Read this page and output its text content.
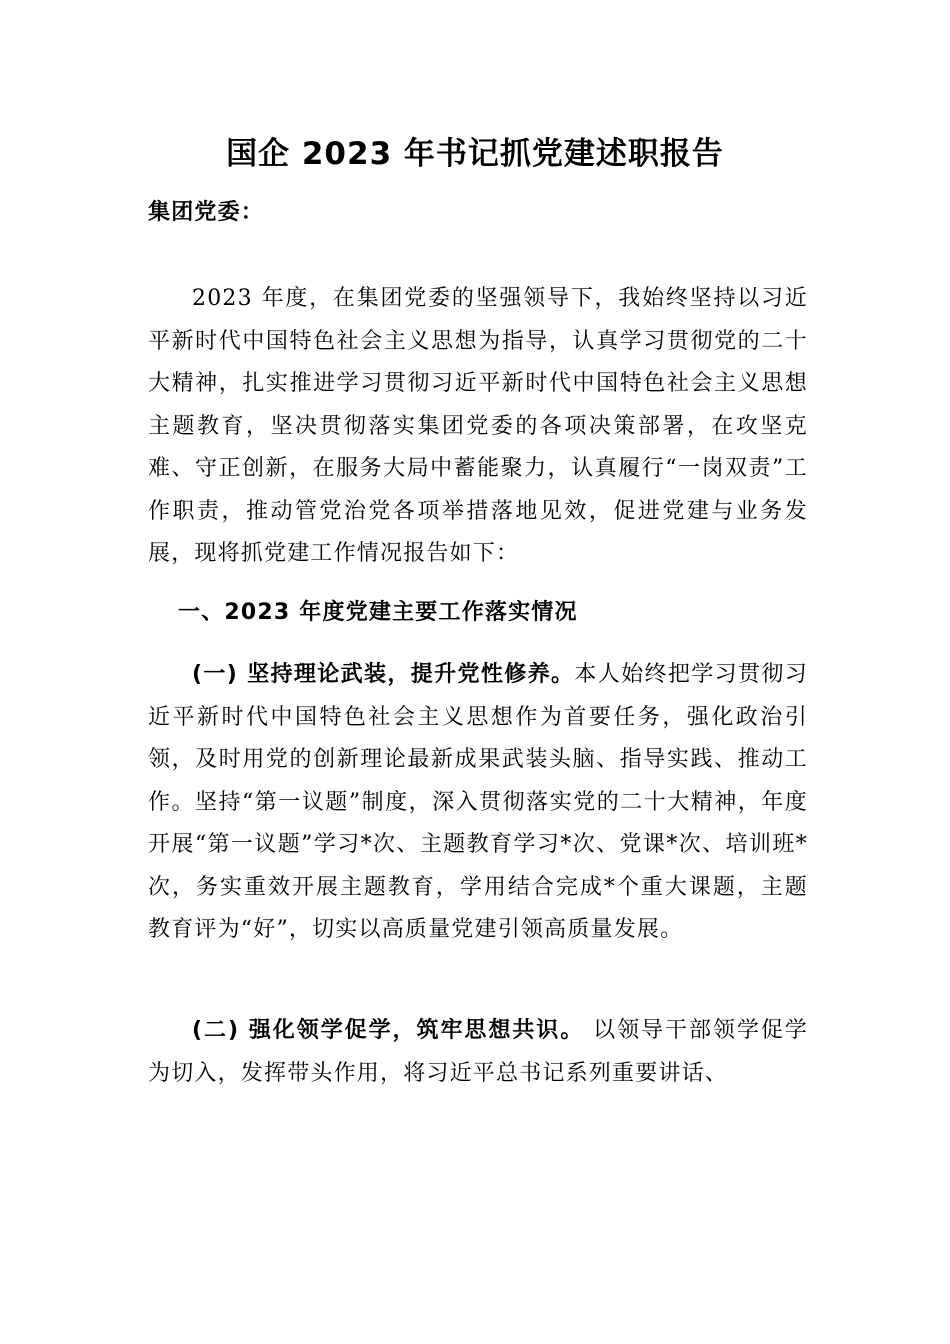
国企 2023 年书记抓党建述职报告

集团党委：

2023 年度，在集团党委的坚强领导下，我始终坚持以习近平新时代中国特色社会主义思想为指导，认真学习贯彻党的二十大精神，扎实推进学习贯彻习近平新时代中国特色社会主义思想主题教育，坚决贯彻落实集团党委的各项决策部署，在攻坚克难、守正创新，在服务大局中蓄能聚力，认真履行“一岗双责”工作职责，推动管党治党各项举措落地见效，促进党建与业务发展，现将抓党建工作情况报告如下：

一、2023 年度党建主要工作落实情况

(一) 坚持理论武装，提升党性修养。本人始终把学习贯彻习近平新时代中国特色社会主义思想作为首要任务，强化政治引领，及时用党的创新理论最新成果武装头脑、指导实践、推动工作。坚持“第一议题”制度，深入贯彻落实党的二十大精神，年度开展“第一议题”学习*次、主题教育学习*次、党课*次、培训班*次，务实重效开展主题教育，学用结合完成*个重大课题，主题教育评为“好”，切实以高质量党建引领高质量发展。

(二) 强化领学促学，筑牢思想共识。 以领导干部领学促学为切入，发挥带头作用，将习近平总书记系列重要讲话、
